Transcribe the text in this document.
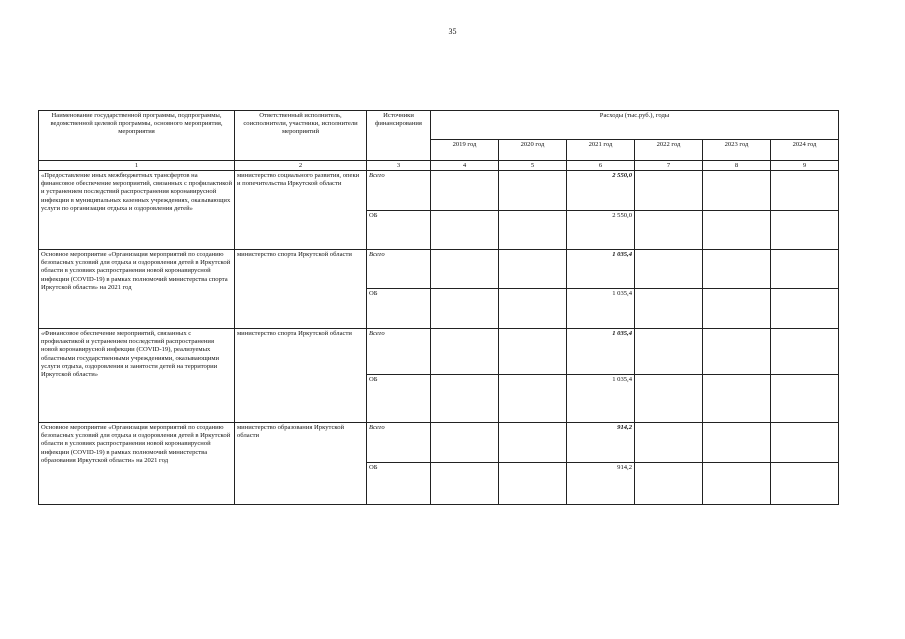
35
Наименование государственной программы, подпрограммы, ведомственной целевой программы, основного мероприятия, мероприятия	Ответственный исполнитель, соисполнители, участники, исполнители мероприятий	Источники финансирования	Расходы (тыс.руб.), годы					
			2019 год	2020 год	2021 год	2022 год	2023 год	2024 год
1	2	3	4	5	6	7	8	9
«Предоставление иных межбюджетных трансфертов на финансовое обеспечение мероприятий, связанных с профилактикой и устранением последствий распространения коронавирусной инфекции в муниципальных казенных учреждениях, оказывающих услуги по организации отдыха и оздоровления детей»	министерство социального развития, опеки и попечительства Иркутской области	Всего			2 550,0			
		ОБ			2 550,0			
Основное мероприятие «Организация мероприятий по созданию безопасных условий для отдыха и оздоровления детей в Иркутской области в условиях распространения новой коронавирусной инфекции (COVID-19) в рамках полномочий министерства спорта Иркутской области» на 2021 год	министерство спорта Иркутской области	Всего			1 035,4			
		ОБ			1 035,4			
«Финансовое обеспечение мероприятий, связанных с профилактикой и устранением последствий распространения новой коронавирусной инфекции (COVID-19), реализуемых областными государственными учреждениями, оказывающими услуги отдыха, оздоровления и занятости детей на территории Иркутской области»	министерство спорта Иркутской области	Всего			1 035,4			
		ОБ			1 035,4			
Основное мероприятие «Организация мероприятий по созданию безопасных условий для отдыха и оздоровления детей в Иркутской области в условиях распространения новой коронавирусной инфекции (COVID-19) в рамках полномочий министерства образования Иркутской области» на 2021 год	министерство образования Иркутской области	Всего			914,2			
		ОБ			914,2			
